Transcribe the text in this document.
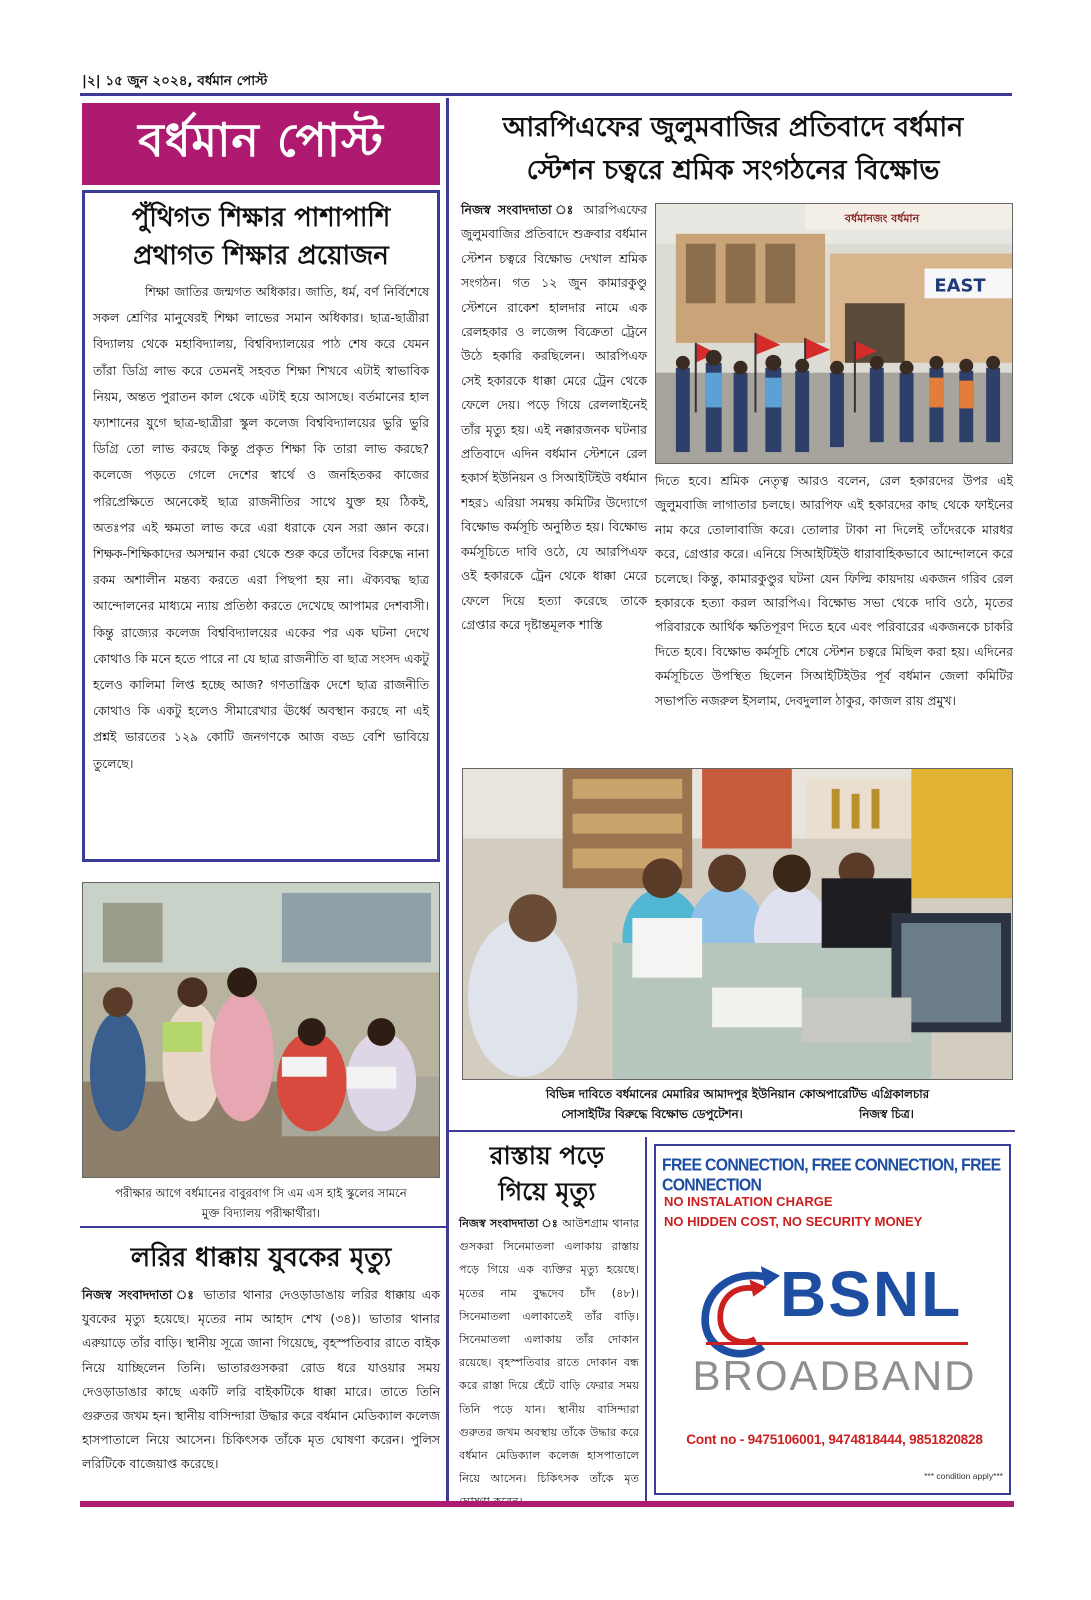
|২| ১৫ জুন ২০২৪, বর্ধমান পোস্ট
বর্ধমান পোস্ট	আরপিএফের জুলুমবাজির প্রতিবাদে বর্ধমান
স্টেশন চত্বরে শ্রমিক সংগঠনের বিক্ষোভ
নিজস্ব সংবাদদাতা ঃ আরপিএফের জুলুমবাজির প্রতিবাদে শুক্রবার বর্ধমান স্টেশন চত্বরে বিক্ষোভ দেখাল শ্রমিক সংগঠন। গত ১২ জুন কামারকুণ্ডু স্টেশনে রাকেশ হালদার নামে এক রেলহকার ও লজেন্স বিক্রেতা ট্রেনে উঠে হকারি করছিলেন। আরপিএফ সেই হকারকে ধাক্কা মেরে ট্রেন থেকে ফেলে দেয়। পড়ে গিয়ে রেললাইনেই তাঁর মৃত্যু হয়। এই নক্কারজনক ঘটনার প্রতিবাদে এদিন বর্ধমান স্টেশনে রেল হকার্স ইউনিয়ন ও সিআইটিইউ বর্ধমান শহর১ এরিয়া সমন্বয় কমিটির উদ্যোগে বিক্ষোভ কর্মসূচি অনুষ্ঠিত হয়। বিক্ষোভ কর্মসূচিতে দাবি ওঠে, যে আরপিএফ ওই হকারকে ট্রেন থেকে ধাক্কা মেরে ফেলে দিয়ে হত্যা করেছে তাকে গ্রেপ্তার করে দৃষ্টান্তমূলক শাস্তি
বর্ধমানজং বর্ধমান
EAST
দিতে হবে। শ্রমিক নেতৃত্ব আরও বলেন, রেল হকারদের উপর এই জুলুমবাজি লাগাতার চলছে। আরপিফ এই হকারদের কাছ থেকে ফাইনের নাম করে তোলাবাজি করে। তোলার টাকা না দিলেই তাঁদেরকে মারধর করে, গ্রেপ্তার করে। এনিয়ে সিআইটিইউ ধারাবাহিকভাবে আন্দোলনে করে চলেছে। কিন্তু, কামারকুণ্ডুর ঘটনা যেন ফিল্মি কায়দায় একজন গরিব রেল হকারকে হত্যা করল আরপিএ। বিক্ষোভ সভা থেকে দাবি ওঠে, মৃতের পরিবারকে আর্থিক ক্ষতিপূরণ দিতে হবে এবং পরিবারের একজনকে চাকরি দিতে হবে। বিক্ষোভ কর্মসূচি শেষে স্টেশন চত্বরে মিছিল করা হয়। এদিনের কর্মসূচিতে উপস্থিত ছিলেন সিআইটিইউর পূর্ব বর্ধমান জেলা কমিটির সভাপতি নজরুল ইসলাম, দেবদুলাল ঠাকুর, কাজল রায় প্রমুখ।
পুঁথিগত শিক্ষার পাশাপাশি
প্রথাগত শিক্ষার প্রয়োজন
শিক্ষা জাতির জন্মগত অধিকার। জাতি, ধর্ম, বর্ণ নির্বিশেষে সকল শ্রেণির মানুষেরই শিক্ষা লাভের সমান অধিকার। ছাত্র-ছাত্রীরা বিদ্যালয় থেকে মহাবিদ্যালয়, বিশ্ববিদ্যালয়ের পাঠ শেষ করে যেমন তাঁরা ডিগ্রি লাভ করে তেমনই সহবত শিক্ষা শিখবে এটাই স্বাভাবিক নিয়ম, অন্তত পুরাতন কাল থেকে এটাই হয়ে আসছে। বর্তমানের হাল ফ্যাশানের যুগে ছাত্র-ছাত্রীরা স্কুল কলেজ বিশ্ববিদ্যালয়ের ভুরি ভুরি ডিগ্রি তো লাভ করছে কিন্তু প্রকৃত শিক্ষা কি তারা লাভ করছে? কলেজে পড়তে গেলে দেশের স্বার্থে ও জনহিতকর কাজের পরিপ্রেক্ষিতে অনেকেই ছাত্র রাজনীতির সাথে যুক্ত হয় ঠিকই, অতঃপর এই ক্ষমতা লাভ করে এরা ধরাকে যেন সরা জ্ঞান করে। শিক্ষক-শিক্ষিকাদের অসম্মান করা থেকে শুরু করে তাঁদের বিরুদ্ধে নানা রকম অশালীন মন্তব্য করতে এরা পিছপা হয় না। ঐক্যবদ্ধ ছাত্র আন্দোলনের মাধ্যমে ন্যায় প্রতিষ্ঠা করতে দেখেছে আপামর দেশবাসী। কিন্তু রাজ্যের কলেজ বিশ্ববিদ্যালয়ের একের পর এক ঘটনা দেখে কোথাও কি মনে হতে পারে না যে ছাত্র রাজনীতি বা ছাত্র সংসদ একটু হলেও কালিমা লিপ্ত হচ্ছে আজ? গণতান্ত্রিক দেশে ছাত্র রাজনীতি কোথাও কি একটু হলেও সীমারেখার ঊর্ধ্বে অবস্থান করছে না এই প্রশ্নই ভারতের ১২৯ কোটি জনগণকে আজ বড্ড বেশি ভাবিয়ে তুলেছে।
পরীক্ষার আগে বর্ধমানের বাবুরবাগ সি এম এস হাই স্কুলের সামনে
মুক্ত বিদ্যালয় পরীক্ষার্থীরা।
লরির ধাক্কায় যুবকের মৃত্যু
নিজস্ব সংবাদদাতা ঃ ভাতার থানার দেওড়াডাঙায় লরির ধাক্কায় এক যুবকের মৃত্যু হয়েছে। মৃতের নাম আহাদ শেখ (৩৪)। ভাতার থানার এরুয়াড়ে তাঁর বাড়ি। স্থানীয় সূত্রে জানা গিয়েছে, বৃহস্পতিবার রাতে বাইক নিয়ে যাচ্ছিলেন তিনি। ভাতারগুসকরা রোড ধরে যাওয়ার সময় দেওড়াডাঙার কাছে একটি লরি বাইকটিকে ধাক্কা মারে। তাতে তিনি গুরুতর জখম হন। স্থানীয় বাসিন্দারা উদ্ধার করে বর্ধমান মেডিক্যাল কলেজ হাসপাতালে নিয়ে আসেন। চিকিৎসক তাঁকে মৃত ঘোষণা করেন। পুলিস লরিটিকে বাজেয়াপ্ত করেছে।
বিভিন্ন দাবিতে বর্ধমানের মেমারির আমাদপুর ইউনিয়ান কোঅপারেটিভ এগ্রিকালচার
সোসাইটির বিরুদ্ধে বিক্ষোভ ডেপুটেশন।	নিজস্ব চিত্র।
রাস্তায় পড়ে
গিয়ে মৃত্যু
নিজস্ব সংবাদদাতা ঃ আউশগ্রাম থানার গুসকরা সিনেমাতলা এলাকায় রাস্তায় পড়ে গিয়ে এক ব্যক্তির মৃত্যু হয়েছে। মৃতের নাম বুদ্ধদেব চাঁদ (৪৮)। সিনেমাতলা এলাকাতেই তাঁর বাড়ি। সিনেমাতলা এলাকায় তাঁর দোকান রয়েছে। বৃহস্পতিবার রাতে দোকান বন্ধ করে রাস্তা দিয়ে হেঁটে বাড়ি ফেরার সময় তিনি পড়ে যান। স্থানীয় বাসিন্দারা গুরুতর জখম অবস্থায় তাঁকে উদ্ধার করে বর্ধমান মেডিক্যাল কলেজ হাসপাতালে নিয়ে আসেন। চিকিৎসক তাঁকে মৃত
FREE CONNECTION, FREE CONNECTION, FREE CONNECTION
NO INSTALATION CHARGE
NO HIDDEN COST, NO SECURITY MONEY
BSNL
BROADBAND
Cont no - 9475106001, 9474818444, 9851820828
*** condition apply***
